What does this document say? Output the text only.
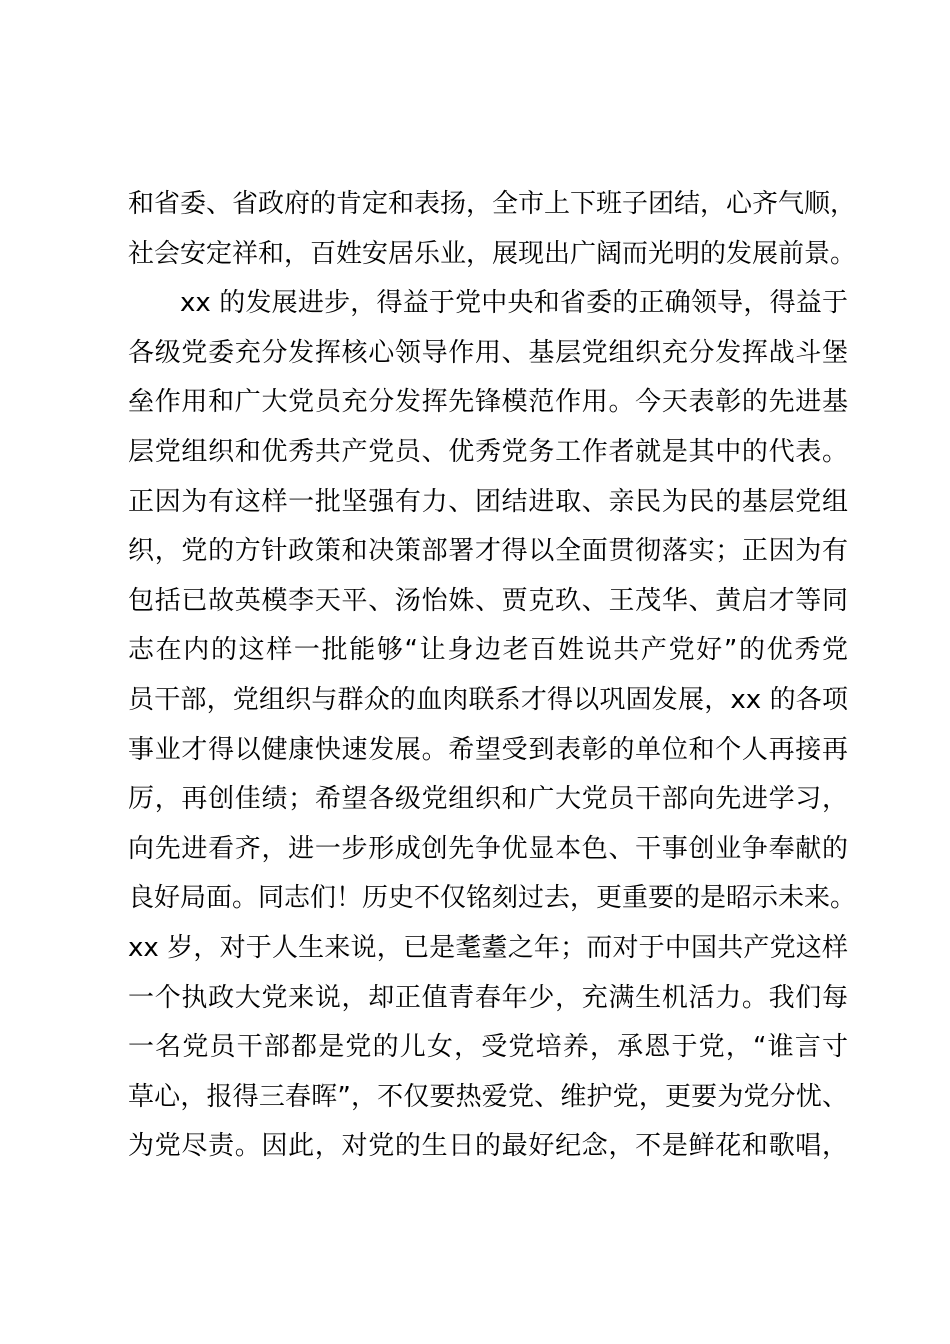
和省委、省政府的肯定和表扬，全市上下班子团结，心齐气顺，
社会安定祥和，百姓安居乐业，展现出广阔而光明的发展前景。
xx 的发展进步，得益于党中央和省委的正确领导，得益于
各级党委充分发挥核心领导作用、基层党组织充分发挥战斗堡
垒作用和广大党员充分发挥先锋模范作用。今天表彰的先进基
层党组织和优秀共产党员、优秀党务工作者就是其中的代表。
正因为有这样一批坚强有力、团结进取、亲民为民的基层党组
织，党的方针政策和决策部署才得以全面贯彻落实；正因为有
包括已故英模李天平、汤怡姝、贾克玖、王茂华、黄启才等同
志在内的这样一批能够“让身边老百姓说共产党好”的优秀党
员干部，党组织与群众的血肉联系才得以巩固发展，xx 的各项
事业才得以健康快速发展。希望受到表彰的单位和个人再接再
厉，再创佳绩；希望各级党组织和广大党员干部向先进学习，
向先进看齐，进一步形成创先争优显本色、干事创业争奉献的
良好局面。同志们！历史不仅铭刻过去，更重要的是昭示未来。
xx 岁，对于人生来说，已是耄耋之年；而对于中国共产党这样
一个执政大党来说，却正值青春年少，充满生机活力。我们每
一名党员干部都是党的儿女，受党培养，承恩于党，“谁言寸
草心，报得三春晖”，不仅要热爱党、维护党，更要为党分忧、
为党尽责。因此，对党的生日的最好纪念，不是鲜花和歌唱，
